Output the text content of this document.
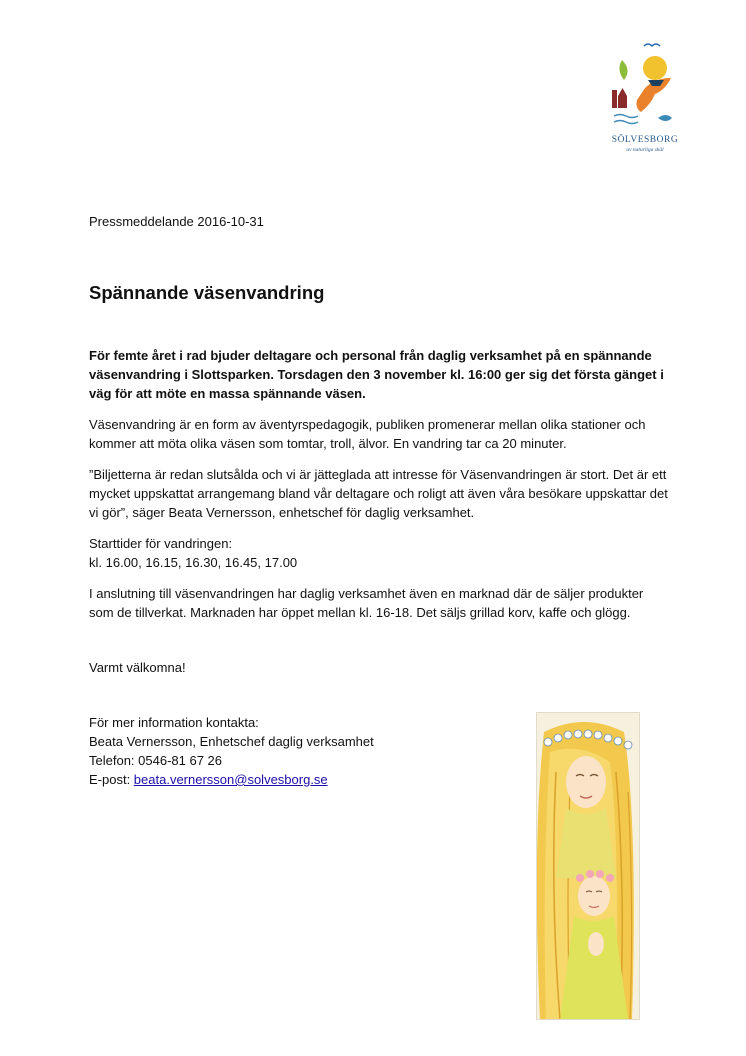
SÖLVESBORG
av naturliga skäl
Pressmeddelande 2016-10-31
Spännande väsenvandring

För femte året i rad bjuder deltagare och personal från daglig verksamhet på en spännande väsenvandring i Slottsparken. Torsdagen den 3 november kl. 16:00 ger sig det första gänget i väg för att möte en massa spännande väsen.

Väsenvandring är en form av äventyrspedagogik, publiken promenerar mellan olika stationer och kommer att möta olika väsen som tomtar, troll, älvor. En vandring tar ca 20 minuter.

”Biljetterna är redan slutsålda och vi är jätteglada att intresse för Väsenvandringen är stort. Det är ett mycket uppskattat arrangemang bland vår deltagare och roligt att även våra besökare uppskattar det vi gör”, säger Beata Vernersson, enhetschef för daglig verksamhet.

Starttider för vandringen:
kl. 16.00, 16.15, 16.30, 16.45, 17.00

I anslutning till väsenvandringen har daglig verksamhet även en marknad där de säljer produkter som de tillverkat. Marknaden har öppet mellan kl. 16-18. Det säljs grillad korv, kaffe och glögg.

Varmt välkomna!

För mer information kontakta:
Beata Vernersson, Enhetschef daglig verksamhet
Telefon: 0546-81 67 26
E-post: beata.vernersson@solvesborg.se
